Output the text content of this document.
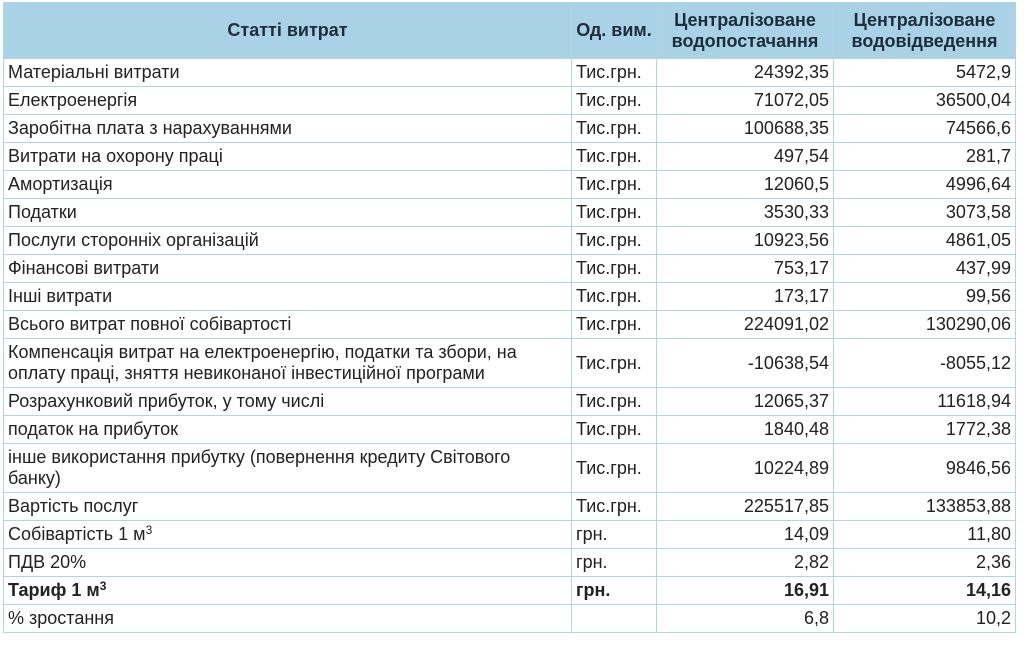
Статті витрат	Од. вим.	Централізоване водопостачання	Централізоване водовідведення
Матеріальні витрати	Тис.грн.	24392,35	5472,9
Електроенергія	Тис.грн.	71072,05	36500,04
Заробітна плата з нарахуваннями	Тис.грн.	100688,35	74566,6
Витрати на охорону праці	Тис.грн.	497,54	281,7
Амортизація	Тис.грн.	12060,5	4996,64
Податки	Тис.грн.	3530,33	3073,58
Послуги сторонніх організацій	Тис.грн.	10923,56	4861,05
Фінансові витрати	Тис.грн.	753,17	437,99
Інші витрати	Тис.грн.	173,17	99,56
Всього витрат повної собівартості	Тис.грн.	224091,02	130290,06
Компенсація витрат на електроенергію, податки та збори, на оплату праці, зняття невиконаної інвестиційної програми	Тис.грн.	-10638,54	-8055,12
Розрахунковий прибуток, у тому числі	Тис.грн.	12065,37	11618,94
податок на прибуток	Тис.грн.	1840,48	1772,38
інше використання прибутку (повернення кредиту Світового банку)	Тис.грн.	10224,89	9846,56
Вартість послуг	Тис.грн.	225517,85	133853,88
Собівартість 1 $м^3$	грн.	14,09	11,80
ПДВ 20%	грн.	2,82	2,36
Тариф 1 $м^3$	грн.	16,91	14,16
% зростання		6,8	10,2
